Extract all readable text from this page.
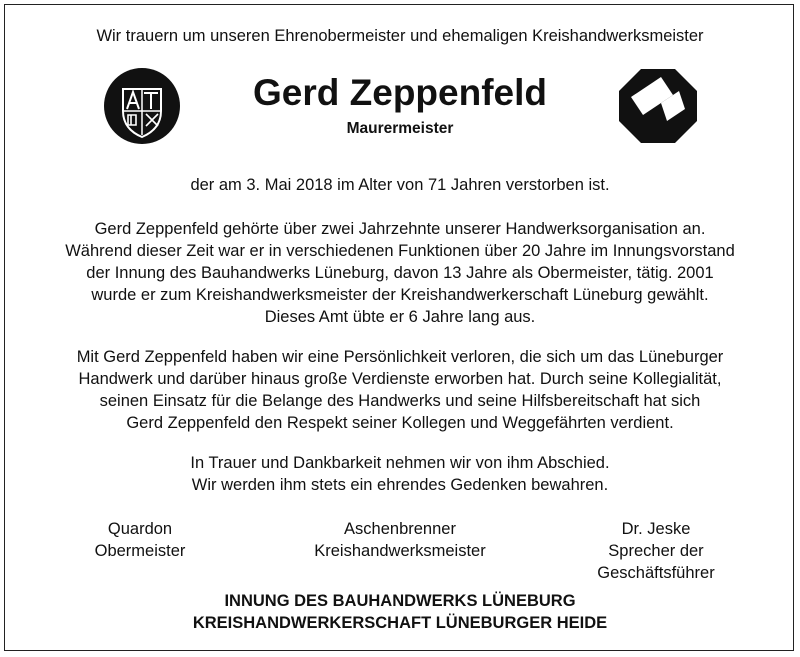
Wir trauern um unseren Ehrenobermeister und ehemaligen Kreishandwerksmeister
Gerd Zeppenfeld
Maurermeister
der am 3. Mai 2018 im Alter von 71 Jahren verstorben ist.
Gerd Zeppenfeld gehörte über zwei Jahrzehnte unserer Handwerksorganisation an.
Während dieser Zeit war er in verschiedenen Funktionen über 20 Jahre im Innungsvorstand
der Innung des Bauhandwerks Lüneburg, davon 13 Jahre als Obermeister, tätig. 2001
wurde er zum Kreishandwerksmeister der Kreishandwerkerschaft Lüneburg gewählt.
Dieses Amt übte er 6 Jahre lang aus.
Mit Gerd Zeppenfeld haben wir eine Persönlichkeit verloren, die sich um das Lüneburger
Handwerk und darüber hinaus große Verdienste erworben hat. Durch seine Kollegialität,
seinen Einsatz für die Belange des Handwerks und seine Hilfsbereitschaft hat sich
Gerd Zeppenfeld den Respekt seiner Kollegen und Weggefährten verdient.
In Trauer und Dankbarkeit nehmen wir von ihm Abschied.
Wir werden ihm stets ein ehrendes Gedenken bewahren.
Quardon
Obermeister
Aschenbrenner
Kreishandwerksmeister
Dr. Jeske
Sprecher der
Geschäftsführer
INNUNG DES BAUHANDWERKS LÜNEBURG
KREISHANDWERKERSCHAFT LÜNEBURGER HEIDE
